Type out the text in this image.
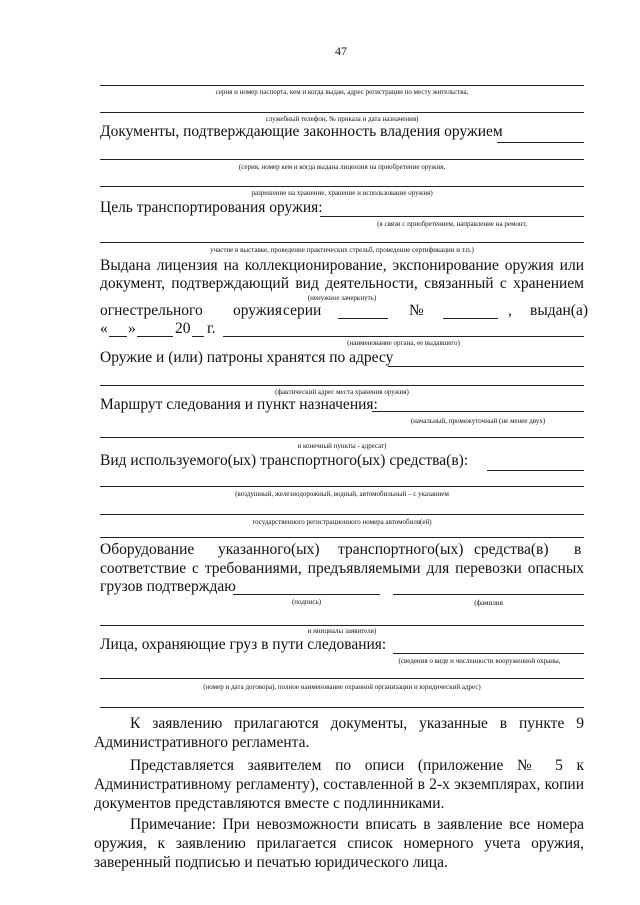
47
серия и номер паспорта, кем и когда выдан, адрес регистрации по месту жительства,
служебный телефон, № приказа и дата назначения)
Документы, подтверждающие законность владения оружием
(серия, номер кем и когда выдана лицензия на приобретение оружия,
разрешение на хранение, хранение и использование оружия)
Цель транспортирования оружия:
(в связи с приобретением, направление на ремонт,
участие в выставке, проведение практических стрельб, проведение сертификации и т.п.)
Выдана лицензия на коллекционирование, экспонирование оружия или
документ, подтверждающий вид деятельности, связанный с хранением
(ненужное зачеркнуть)
огнестрельного оружия серии	№	, выдан(а)
« »	20 г.
(наименование органа, ее выдавшего)
Оружие и (или) патроны хранятся по адресу
(фактический адрес места хранения оружия)
Маршрут следования и пункт назначения:
(начальный, промежуточный (не менее двух)
и конечный пункты - адресат)
Вид используемого(ых) транспортного(ых) средства(в):
(воздушный, железнодорожный, водный, автомобильный – с указанием
государственного регистрационного номера автомобиля(ей)
Оборудование указанного(ых) транспортного(ых) средства(в) в
соответствие с требованиями, предъявляемыми для перевозки опасных
грузов подтверждаю
(подпись)	(фамилия
и инициалы заявителя)
Лица, охраняющие груз в пути следования:
(сведения о виде и численности вооруженной охраны,
(номер и дата договора), полное наименование охранной организации и юридический адрес)
К заявлению прилагаются документы, указанные в пункте 9
Административного регламента.
Представляется заявителем по описи (приложение № 5 к
Административному регламенту), составленной в 2-х экземплярах, копии документов представляются вместе с подлинниками.
Примечание: При невозможности вписать в заявление все номера
оружия, к заявлению прилагается список номерного учета оружия, заверенный подписью и печатью юридического лица.
